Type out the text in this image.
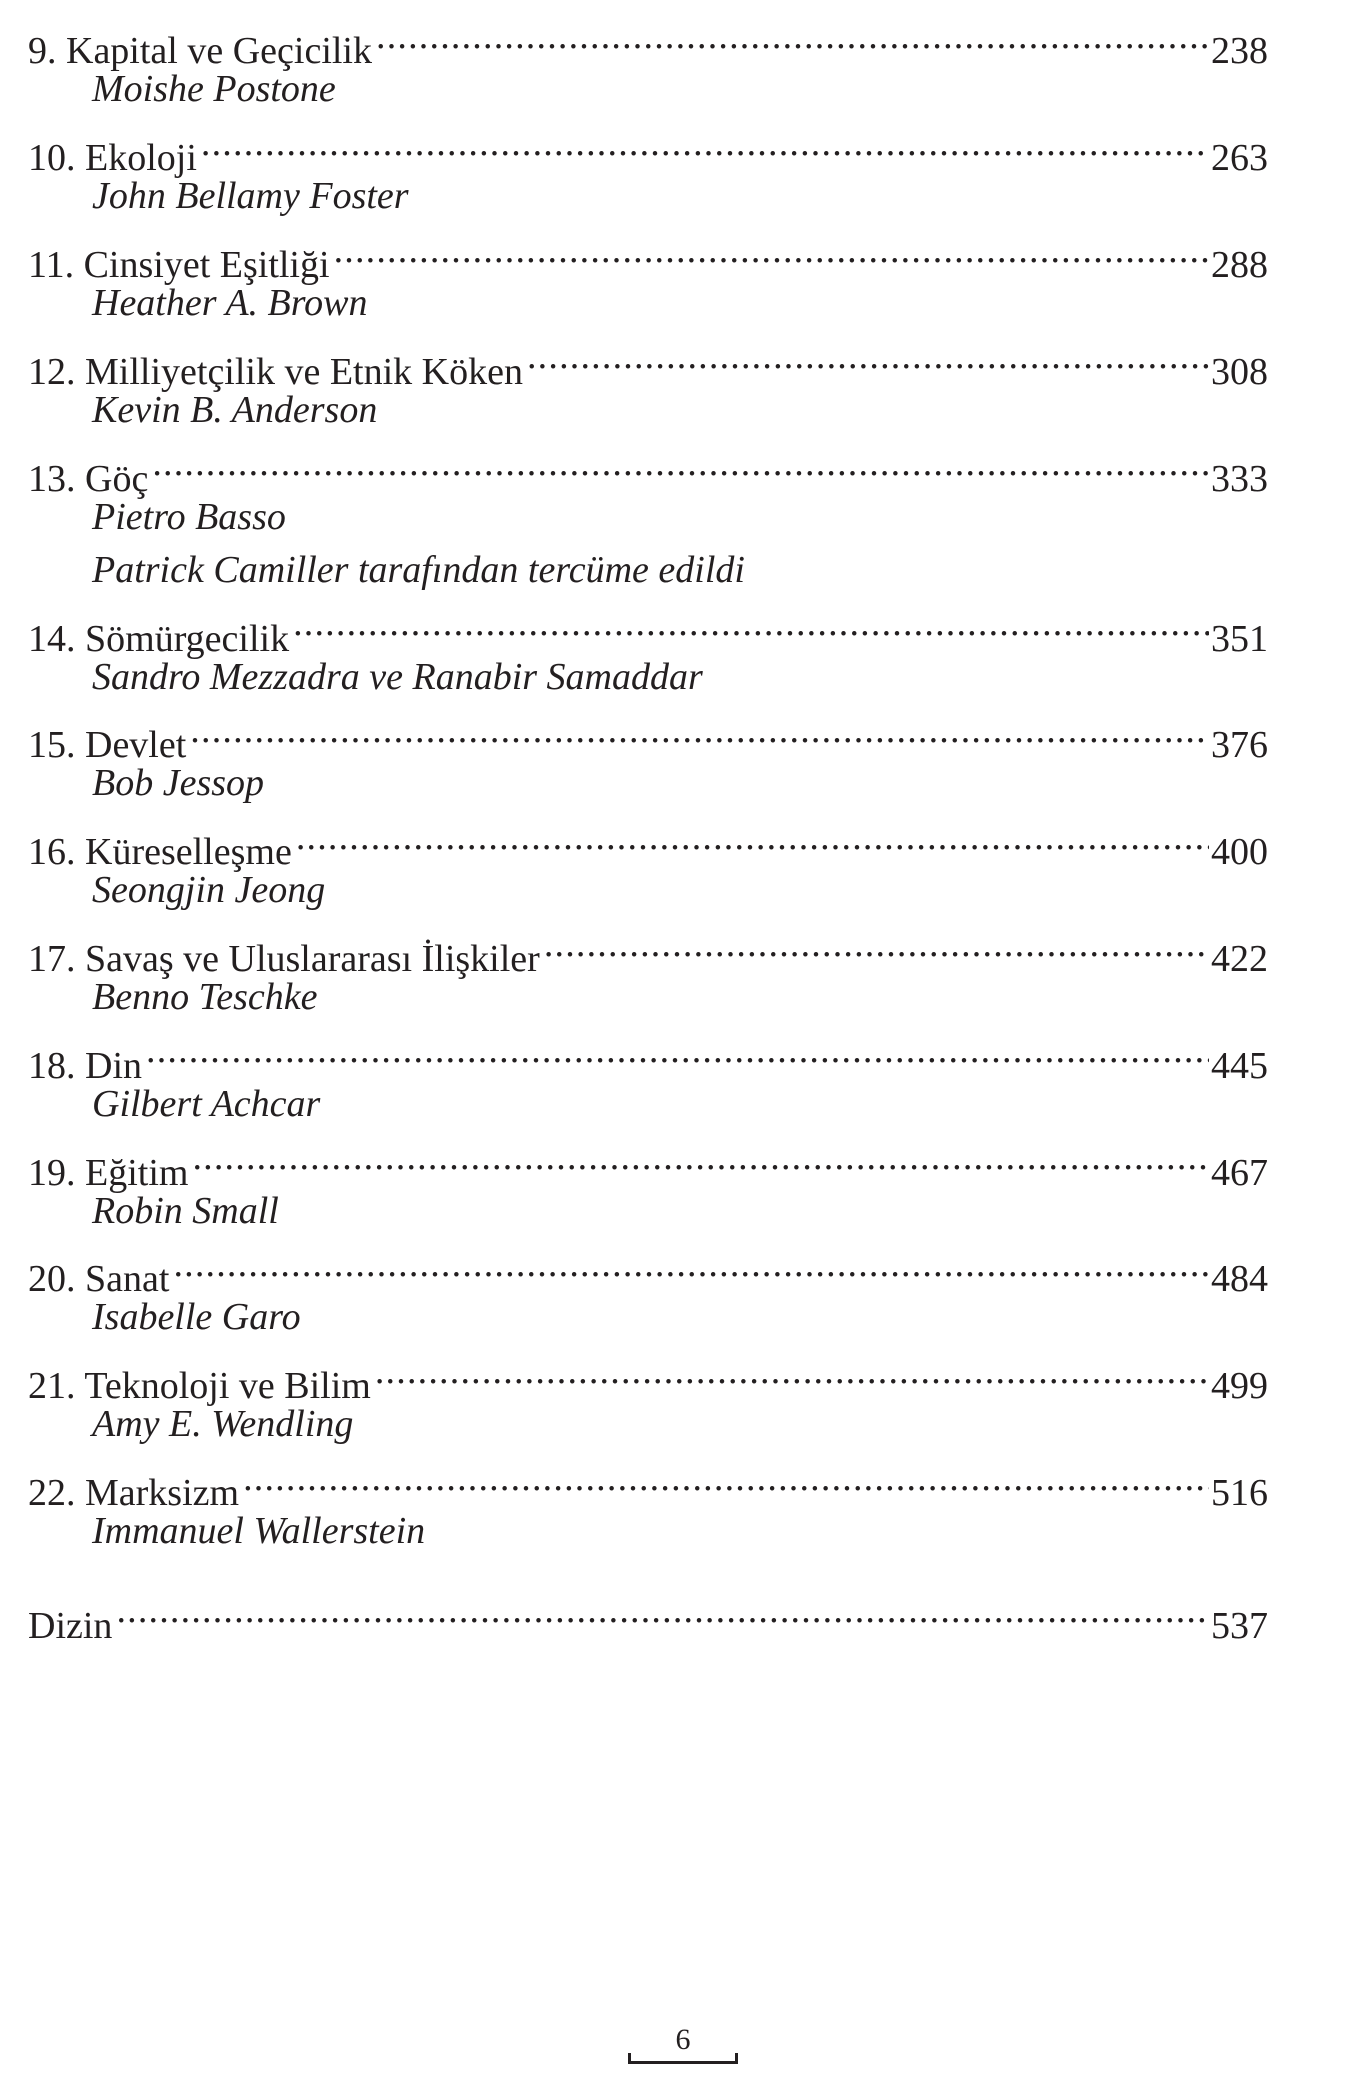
9. Kapital ve Geçicilik .....	238
Moishe Postone
10. Ekoloji .....	263
John Bellamy Foster
11. Cinsiyet Eşitliği .....	288
Heather A. Brown
12. Milliyetçilik ve Etnik Köken .....	308
Kevin B. Anderson
13. Göç .....	333
Pietro Basso
Patrick Camiller tarafından tercüme edildi
14. Sömürgecilik .....	351
Sandro Mezzadra ve Ranabir Samaddar
15. Devlet .....	376
Bob Jessop
16. Küreselleşme .....	400
Seongjin Jeong
17. Savaş ve Uluslararası İlişkiler .....	422
Benno Teschke
18. Din .....	445
Gilbert Achcar
19. Eğitim .....	467
Robin Small
20. Sanat .....	484
Isabelle Garo
21. Teknoloji ve Bilim .....	499
Amy E. Wendling
22. Marksizm .....	516
Immanuel Wallerstein
Dizin .....	537
6
